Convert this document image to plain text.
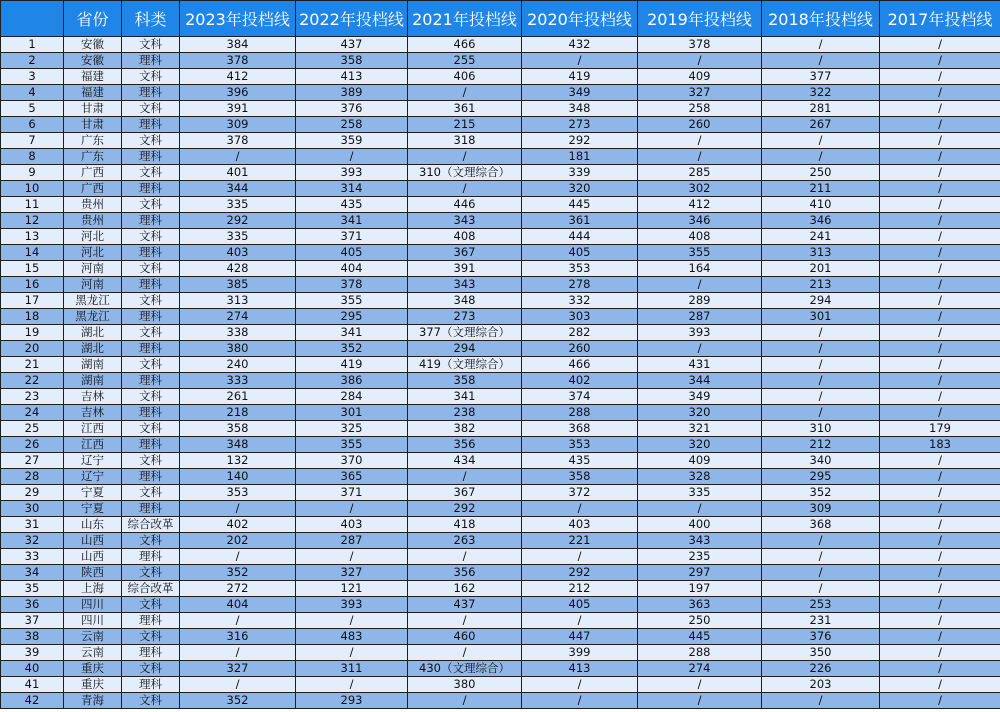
	省份	科类	2023年投档线	2022年投档线	2021年投档线	2020年投档线	2019年投档线	2018年投档线	2017年投档线
1	安徽	文科	384	437	466	432	378	/	/
2	安徽	理科	378	358	255	/	/	/	/
3	福建	文科	412	413	406	419	409	377	/
4	福建	理科	396	389	/	349	327	322	/
5	甘肃	文科	391	376	361	348	258	281	/
6	甘肃	理科	309	258	215	273	260	267	/
7	广东	文科	378	359	318	292	/	/	/
8	广东	理科	/	/	/	181	/	/	/
9	广西	文科	401	393	310（文理综合）	339	285	250	/
10	广西	理科	344	314	/	320	302	211	/
11	贵州	文科	335	435	446	445	412	410	/
12	贵州	理科	292	341	343	361	346	346	/
13	河北	文科	335	371	408	444	408	241	/
14	河北	理科	403	405	367	405	355	313	/
15	河南	文科	428	404	391	353	164	201	/
16	河南	理科	385	378	343	278	/	213	/
17	黑龙江	文科	313	355	348	332	289	294	/
18	黑龙江	理科	274	295	273	303	287	301	/
19	湖北	文科	338	341	377（文理综合）	282	393	/	/
20	湖北	理科	380	352	294	260	/	/	/
21	湖南	文科	240	419	419（文理综合）	466	431	/	/
22	湖南	理科	333	386	358	402	344	/	/
23	吉林	文科	261	284	341	374	349	/	/
24	吉林	理科	218	301	238	288	320	/	/
25	江西	文科	358	325	382	368	321	310	179
26	江西	理科	348	355	356	353	320	212	183
27	辽宁	文科	132	370	434	435	409	340	/
28	辽宁	理科	140	365	/	358	328	295	/
29	宁夏	文科	353	371	367	372	335	352	/
30	宁夏	理科	/	/	292	/	/	309	/
31	山东	综合改革	402	403	418	403	400	368	/
32	山西	文科	202	287	263	221	343	/	/
33	山西	理科	/	/	/	/	235	/	/
34	陕西	文科	352	327	356	292	297	/	/
35	上海	综合改革	272	121	162	212	197	/	/
36	四川	文科	404	393	437	405	363	253	/
37	四川	理科	/	/	/	/	250	231	/
38	云南	文科	316	483	460	447	445	376	/
39	云南	理科	/	/	/	399	288	350	/
40	重庆	文科	327	311	430（文理综合）	413	274	226	/
41	重庆	理科	/	/	380	/	/	203	/
42	青海	文科	352	293	/	/	/	/	/
